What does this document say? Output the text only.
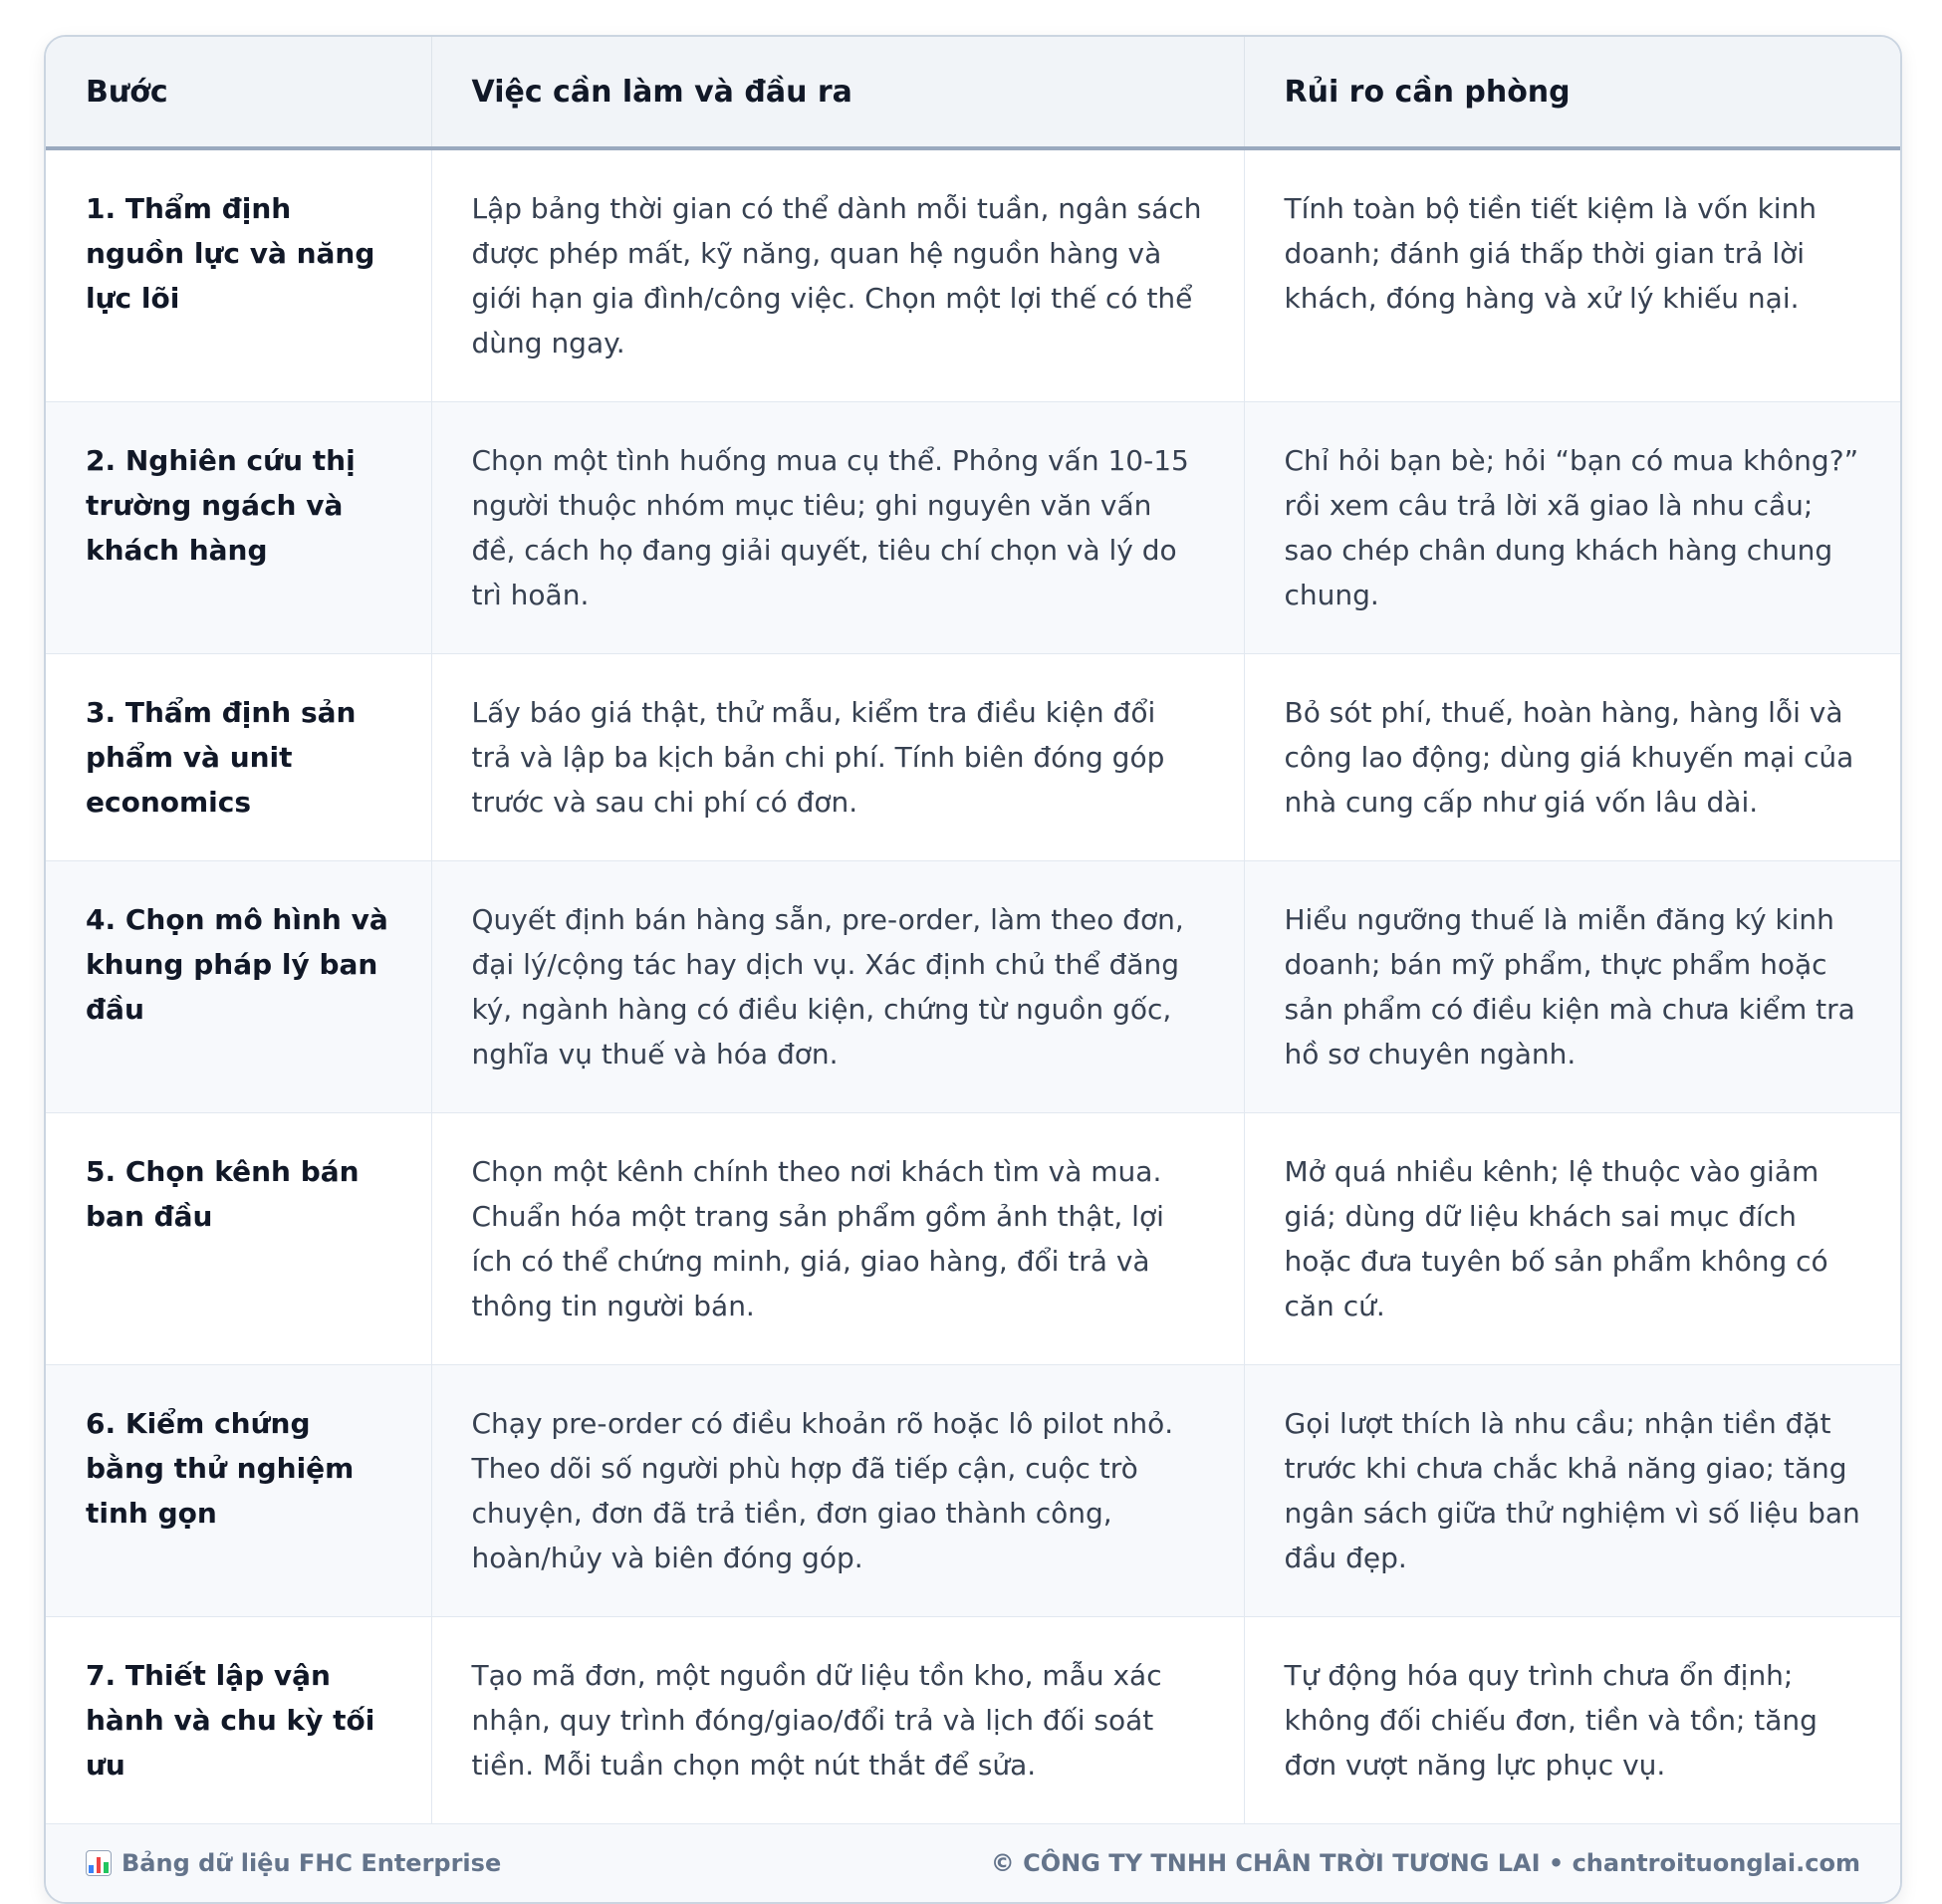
Bước	Việc cần làm và đầu ra	Rủi ro cần phòng
1. Thẩm định nguồn lực và năng lực lõi	Lập bảng thời gian có thể dành mỗi tuần, ngân sách được phép mất, kỹ năng, quan hệ nguồn hàng và giới hạn gia đình/công việc. Chọn một lợi thế có thể dùng ngay.	Tính toàn bộ tiền tiết kiệm là vốn kinh doanh; đánh giá thấp thời gian trả lời khách, đóng hàng và xử lý khiếu nại.
2. Nghiên cứu thị trường ngách và khách hàng	Chọn một tình huống mua cụ thể. Phỏng vấn 10-15 người thuộc nhóm mục tiêu; ghi nguyên văn vấn đề, cách họ đang giải quyết, tiêu chí chọn và lý do trì hoãn.	Chỉ hỏi bạn bè; hỏi “bạn có mua không?” rồi xem câu trả lời xã giao là nhu cầu; sao chép chân dung khách hàng chung chung.
3. Thẩm định sản phẩm và unit economics	Lấy báo giá thật, thử mẫu, kiểm tra điều kiện đổi trả và lập ba kịch bản chi phí. Tính biên đóng góp trước và sau chi phí có đơn.	Bỏ sót phí, thuế, hoàn hàng, hàng lỗi và công lao động; dùng giá khuyến mại của nhà cung cấp như giá vốn lâu dài.
4. Chọn mô hình và khung pháp lý ban đầu	Quyết định bán hàng sẵn, pre-order, làm theo đơn, đại lý/cộng tác hay dịch vụ. Xác định chủ thể đăng ký, ngành hàng có điều kiện, chứng từ nguồn gốc, nghĩa vụ thuế và hóa đơn.	Hiểu ngưỡng thuế là miễn đăng ký kinh doanh; bán mỹ phẩm, thực phẩm hoặc sản phẩm có điều kiện mà chưa kiểm tra hồ sơ chuyên ngành.
5. Chọn kênh bán ban đầu	Chọn một kênh chính theo nơi khách tìm và mua. Chuẩn hóa một trang sản phẩm gồm ảnh thật, lợi ích có thể chứng minh, giá, giao hàng, đổi trả và thông tin người bán.	Mở quá nhiều kênh; lệ thuộc vào giảm giá; dùng dữ liệu khách sai mục đích hoặc đưa tuyên bố sản phẩm không có căn cứ.
6. Kiểm chứng bằng thử nghiệm tinh gọn	Chạy pre-order có điều khoản rõ hoặc lô pilot nhỏ. Theo dõi số người phù hợp đã tiếp cận, cuộc trò chuyện, đơn đã trả tiền, đơn giao thành công, hoàn/hủy và biên đóng góp.	Gọi lượt thích là nhu cầu; nhận tiền đặt trước khi chưa chắc khả năng giao; tăng ngân sách giữa thử nghiệm vì số liệu ban đầu đẹp.
7. Thiết lập vận hành và chu kỳ tối ưu	Tạo mã đơn, một nguồn dữ liệu tồn kho, mẫu xác nhận, quy trình đóng/giao/đổi trả và lịch đối soát tiền. Mỗi tuần chọn một nút thắt để sửa.	Tự động hóa quy trình chưa ổn định; không đối chiếu đơn, tiền và tồn; tăng đơn vượt năng lực phục vụ.
Bảng dữ liệu FHC Enterprise	© CÔNG TY TNHH CHÂN TRỜI TƯƠNG LAI • chantroituonglai.com
